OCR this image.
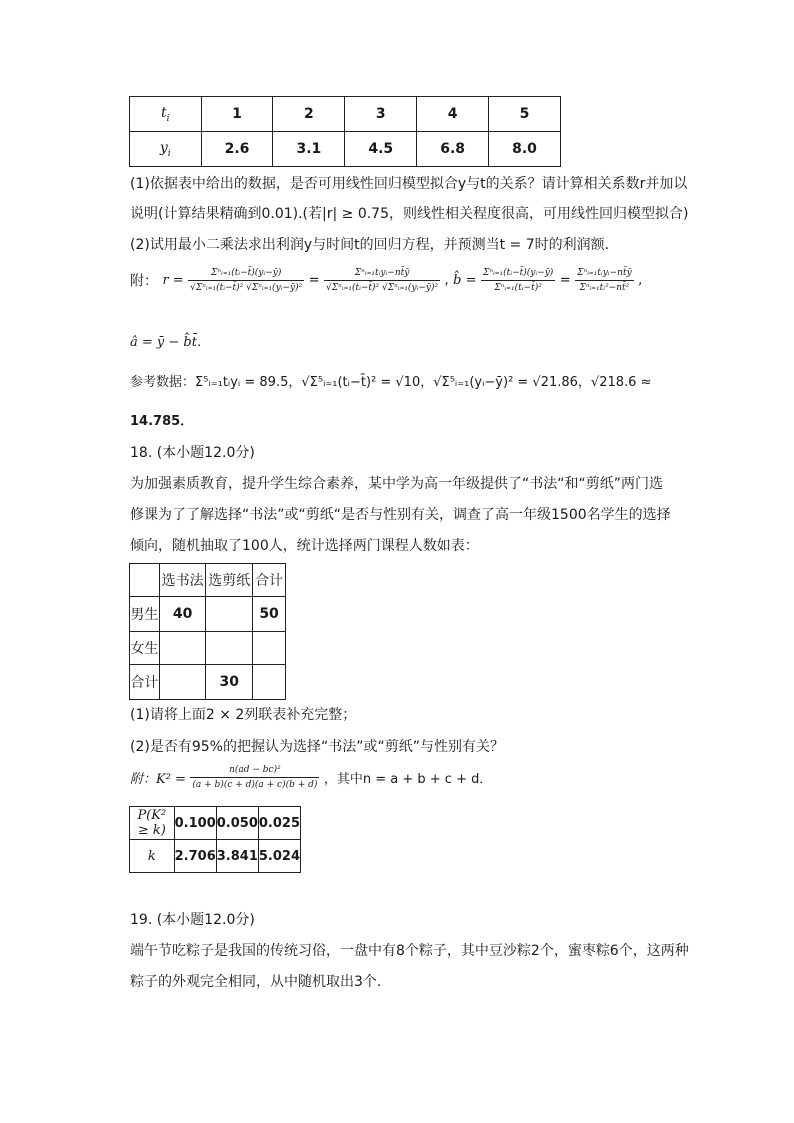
$t_i$	1	2	3	4	5
$y_i$	2.6	3.1	4.5	6.8	8.0
(1)依据表中给出的数据，是否可用线性回归模型拟合y与t的关系？请计算相关系数r并加以
说明(计算结果精确到0.01).(若|r| ≥ 0.75，则线性相关程度很高，可用线性回归模型拟合)
(2)试用最小二乘法求出利润y与时间t的回归方程，并预测当t = 7时的利润额．
附： $r = \frac{\text{Σⁿᵢ₌₁(tᵢ−t̄)(yᵢ−ȳ)}}{\text{√Σⁿᵢ₌₁(tᵢ−t̄)² √Σⁿᵢ₌₁(yᵢ−ȳ)²}} = \frac{\text{Σⁿᵢ₌₁tᵢyᵢ−nt̄ȳ}}{\text{√Σⁿᵢ₌₁(tᵢ−t̄)² √Σⁿᵢ₌₁(yᵢ−ȳ)²}}$ , b̂ = $\frac{\text{Σⁿᵢ₌₁(tᵢ−t̄)(yᵢ−ȳ)}}{\text{Σⁿᵢ₌₁(tᵢ−t̄)²}} = \frac{\text{Σⁿᵢ₌₁tᵢyᵢ−nt̄ȳ}}{\text{Σⁿᵢ₌₁tᵢ²−nt̄²}}$ ,
â = ȳ − b̂t̄．
参考数据：Σ⁵ᵢ₌₁tᵢyᵢ = 89.5，√Σ⁵ᵢ₌₁(tᵢ−t̄)² = √10，√Σ⁵ᵢ₌₁(yᵢ−ȳ)² = √21.86，√218.6 ≈
14.785．
18. (本小题12.0分)
为加强素质教育，提升学生综合素养，某中学为高一年级提供了“书法“和“剪纸”两门选
修课为了了解选择“书法”或“剪纸“是否与性别有关，调查了高一年级1500名学生的选择
倾向，随机抽取了100人，统计选择两门课程人数如表：
	选书法	选剪纸	合计
男生	40		50
女生			
合计		30	
(1)请将上面2 × 2列联表补充完整；
(2)是否有95%的把握认为选择“书法”或“剪纸”与性别有关？
附：$K^2 = \frac{\text{n(ad − bc)²}}{(a + b)(c + d)(a + c)(b + d)}$ ，其中n = a + b + c + d．
P(K² ≥ k)	0.100	0.050	0.025
k	2.706	3.841	5.024
19. (本小题12.0分)
端午节吃粽子是我国的传统习俗，一盘中有8个粽子，其中豆沙粽2个，蜜枣粽6个，这两种
粽子的外观完全相同，从中随机取出3个．
